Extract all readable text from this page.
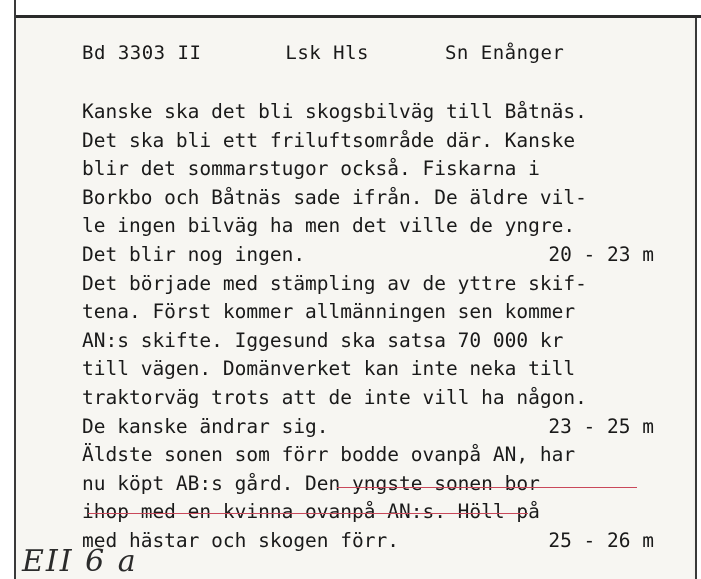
Bd 3303 II	Lsk Hls	Sn Enånger
Kanske ska det bli skogsbilväg till Båtnäs.
Det ska bli ett friluftsområde där. Kanske
blir det sommarstugor också. Fiskarna i
Borkbo och Båtnäs sade ifrån. De äldre vil-
le ingen bilväg ha men det ville de yngre.
Det blir nog ingen.	20 - 23 m
Det började med stämpling av de yttre skif-
tena. Först kommer allmänningen sen kommer
AN:s skifte. Iggesund ska satsa 70 000 kr
till vägen. Domänverket kan inte neka till
traktorväg trots att de inte vill ha någon.
De kanske ändrar sig.	23 - 25 m
Äldste sonen som förr bodde ovanpå AN, har
nu köpt AB:s gård. Den yngste sonen bor
ihop med en kvinna ovanpå AN:s. Höll på
med hästar och skogen förr.	25 - 26 m
EII 6 a
